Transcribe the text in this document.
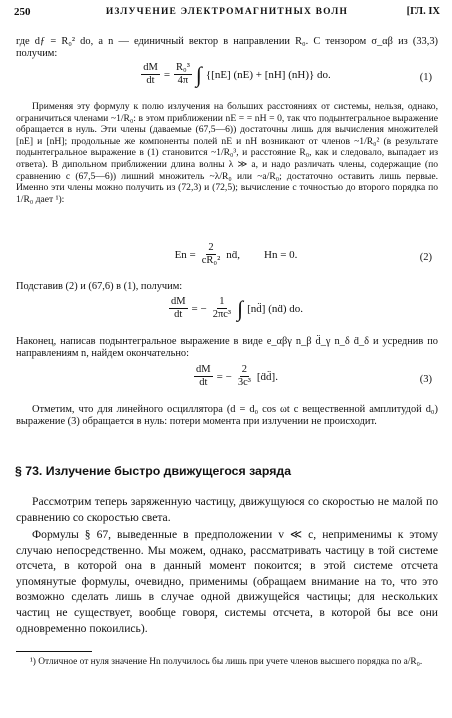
250	ИЗЛУЧЕНИЕ ЭЛЕКТРОМАГНИТНЫХ ВОЛН	[ГЛ. IX
где dƒ = R₀² do, a n — единичный вектор в направлении R₀. С тензором σ_αβ из (33,3) получим:
$\frac{dM}{dt} = \frac{\text{R₀³}}{4\pi}$ ∫ {[nE] (nE) + [nH] (nH)} do.	(1)
Применяя эту формулу к полю излучения на больших расстояниях от системы, нельзя, однако, ограничиться членами ~1/R₀: в этом приближении nE = = nH = 0, так что подынтегральное выражение обращается в нуль. Эти члены (даваемые (67,5—6)) достаточны лишь для вычисления множителей [nE] и [nH]; продольные же компоненты полей nE и nH возникают от членов ~1/R₀² (в результате подынтегральное выражение в (1) становится ~1/R₀³, и расстояние R₀, как и следовало, выпадает из ответа). В дипольном приближении длина волны λ ≫ a, и надо различать члены, содержащие (по сравнению с (67,5—6)) лишний множитель ~λ/R₀ или ~a/R₀; достаточно оставить лишь первые. Именно эти члены можно получить из (72,3) и (72,5); вычисление с точностью до второго порядка по 1/R₀ дает ¹):
$En = \frac{2}{\text{cR₀²}}$ nḋ, Hn = 0.	(2)
Подставив (2) и (67,6) в (1), получим:
$\frac{dM}{dt}$ = − $\frac{1}{\text{2πc³}}$ ∫ [nd̈] (nḋ) do.
Наконец, написав подынтегральное выражение в виде e_αβγ n_β d̈_γ n_δ ḋ_δ и усреднив по направлениям n, найдем окончательно:
$\frac{dM}{dt}$ = − $\frac{2}{\text{3c³}}$ [ḋd̈].	(3)
Отметим, что для линейного осциллятора (d = d₀ cos ωt с вещественной амплитудой d₀) выражение (3) обращается в нуль: потери момента при излучении не происходит.
§ 73. Излучение быстро движущегося заряда
Рассмотрим теперь заряженную частицу, движущуюся со скоростью не малой по сравнению со скоростью света.
Формулы § 67, выведенные в предположении v ≪ c, неприменимы к этому случаю непосредственно. Мы можем, однако, рассматривать частицу в той системе отсчета, в которой она в данный момент покоится; в этой системе отсчета упомянутые формулы, очевидно, применимы (обращаем внимание на то, что это возможно сделать лишь в случае одной движущейся частицы; для нескольких частиц не существует, вообще говоря, системы отсчета, в которой бы все они одновременно покоились).
¹) Отличное от нуля значение Hn получилось бы лишь при учете членов высшего порядка по a/R₀.
